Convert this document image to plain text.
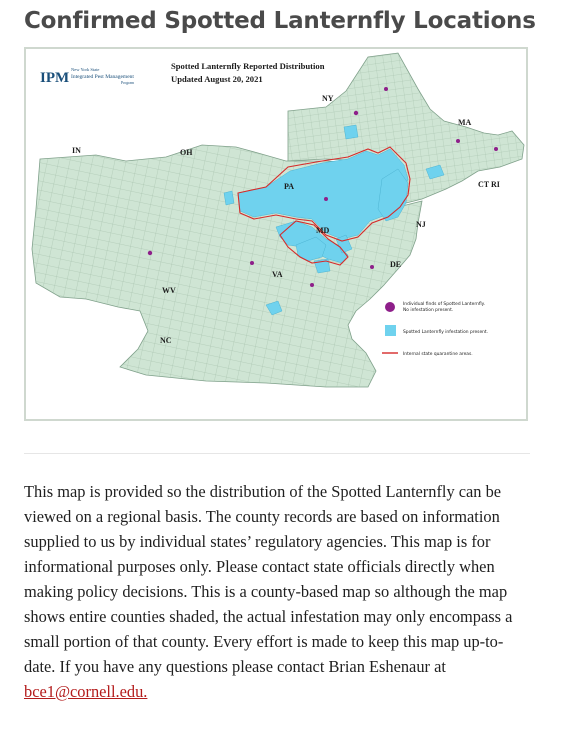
Confirmed Spotted Lanternfly Locations
IPM
New York State
Integrated Pest Management
Program
Spotted Lanternfly Reported Distribution
Updated August 20, 2021
NY
MA
IN	OH
PA	CT RI
NJ
MD
DE
VA
WV
NC
Individual finds of Spotted Lanternfly.
No infestation present.
Spotted Lanternfly infestation present.
Internal state quarantine areas.

This map is provided so the distribution of the Spotted Lanternfly can be viewed on a regional basis. The county records are based on information supplied to us by individual states’ regulatory agencies. This map is for informational purposes only. Please contact state officials directly when making policy decisions. This is a county-based map so although the map shows entire counties shaded, the actual infestation may only encompass a small portion of that county. Every effort is made to keep this map up-to-date. If you have any questions please contact Brian Eshenaur at bce1@cornell.edu.
